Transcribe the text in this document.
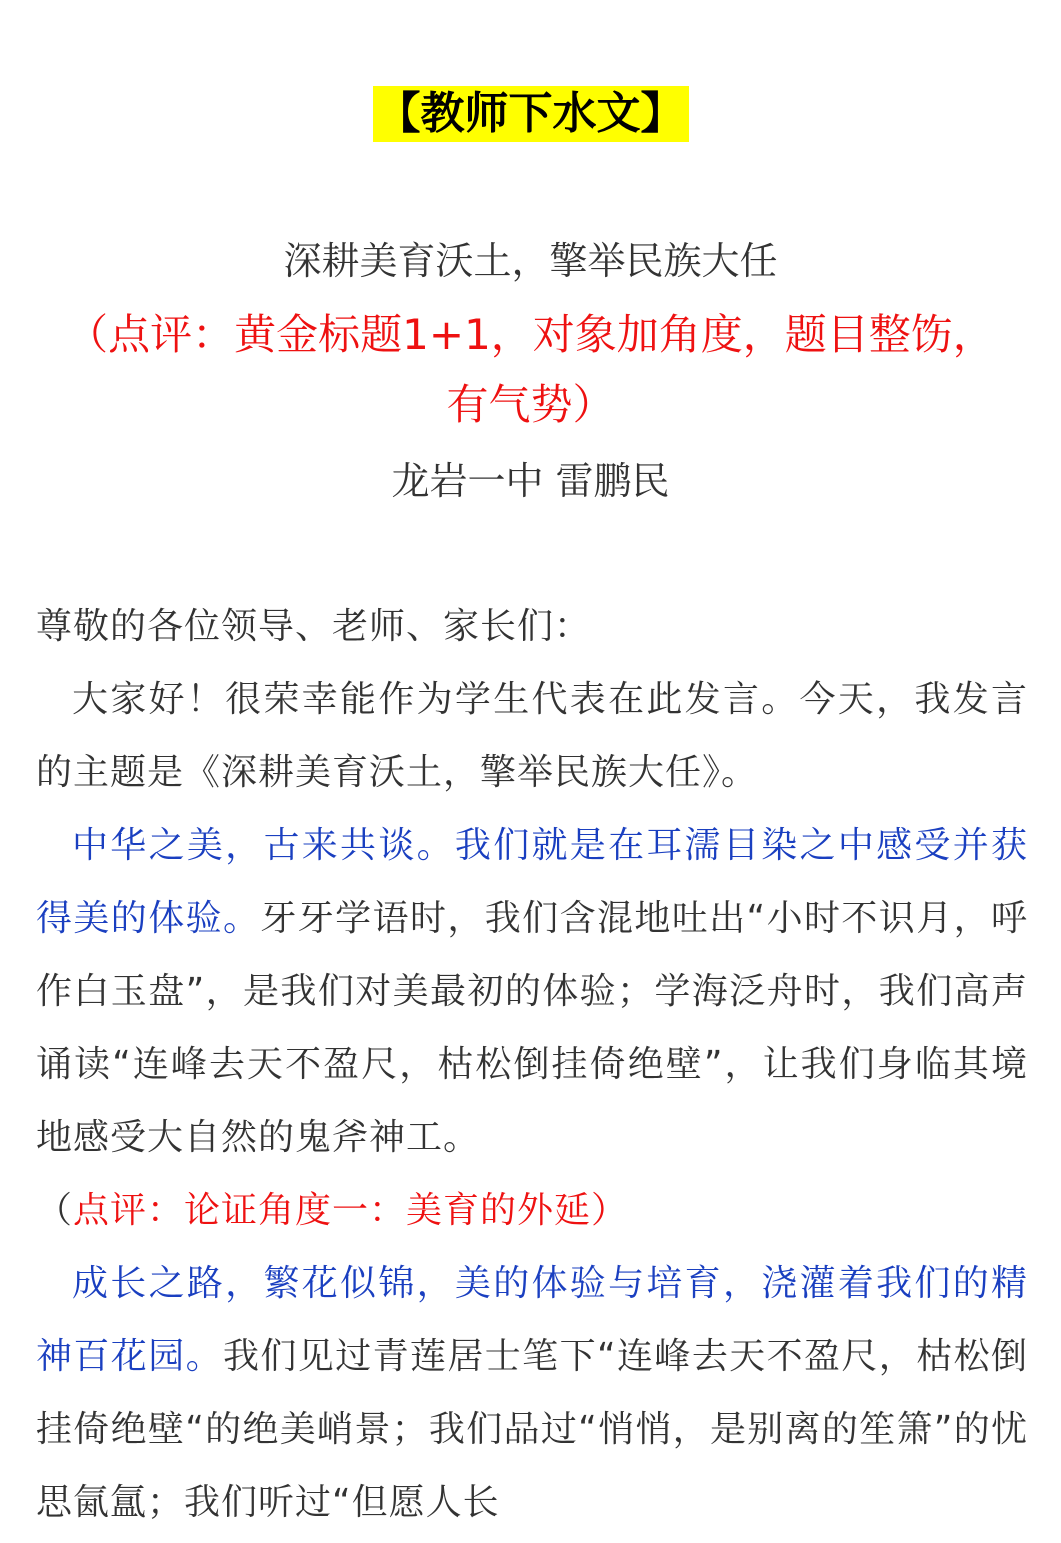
【教师下水文】
深耕美育沃土，擎举民族大任
（点评：黄金标题1+1，对象加角度，题目整饬，有气势）
龙岩一中 雷鹏民

尊敬的各位领导、老师、家长们：

大家好！很荣幸能作为学生代表在此发言。今天，我发言的主题是《深耕美育沃土，擎举民族大任》。

中华之美，古来共谈。我们就是在耳濡目染之中感受并获得美的体验。牙牙学语时，我们含混地吐出“小时不识月，呼作白玉盘”，是我们对美最初的体验；学海泛舟时，我们高声诵读“连峰去天不盈尺，枯松倒挂倚绝壁”，让我们身临其境地感受大自然的鬼斧神工。

（点评：论证角度一：美育的外延）

成长之路，繁花似锦，美的体验与培育，浇灌着我们的精神百花园。我们见过青莲居士笔下“连峰去天不盈尺，枯松倒挂倚绝壁“的绝美峭景；我们品过“悄悄，是别离的笙箫”的忧思氤氲；我们听过“但愿人长
